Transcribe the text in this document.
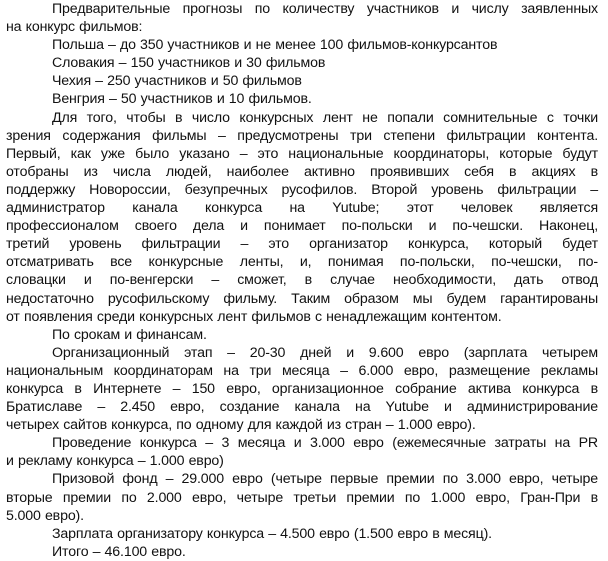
Предварительные прогнозы по количеству участников и числу заявленных
на конкурс фильмов:
Польша – до 350 участников и не менее 100 фильмов-конкурсантов
Словакия – 150 участников и 30 фильмов
Чехия – 250 участников и 50 фильмов
Венгрия – 50 участников и 10 фильмов.
Для того, чтобы в число конкурсных лент не попали сомнительные с точки
зрения содержания фильмы – предусмотрены три степени фильтрации контента.
Первый, как уже было указано – это национальные координаторы, которые будут
отобраны из числа людей, наиболее активно проявивших себя в акциях в
поддержку Новороссии, безупречных русофилов. Второй уровень фильтрации –
администратор канала конкурса на Yutube; этот человек является
профессионалом своего дела и понимает по-польски и по-чешски. Наконец,
третий уровень фильтрации – это организатор конкурса, который будет
отсматривать все конкурсные ленты, и, понимая по-польски, по-чешски, по-
словацки и по-венгерски – сможет, в случае необходимости, дать отвод
недостаточно русофильскому фильму. Таким образом мы будем гарантированы
от появления среди конкурсных лент фильмов с ненадлежащим контентом.
По срокам и финансам.
Организационный этап – 20-30 дней и 9.600 евро (зарплата четырем
национальным координаторам на три месяца – 6.000 евро, размещение рекламы
конкурса в Интернете – 150 евро, организационное собрание актива конкурса в
Братиславе – 2.450 евро, создание канала на Yutube и администрирование
четырех сайтов конкурса, по одному для каждой из стран – 1.000 евро).
Проведение конкурса – 3 месяца и 3.000 евро (ежемесячные затраты на PR
и рекламу конкурса – 1.000 евро)
Призовой фонд – 29.000 евро (четыре первые премии по 3.000 евро, четыре
вторые премии по 2.000 евро, четыре третьи премии по 1.000 евро, Гран-При в
5.000 евро).
Зарплата организатору конкурса – 4.500 евро (1.500 евро в месяц).
Итого – 46.100 евро.
